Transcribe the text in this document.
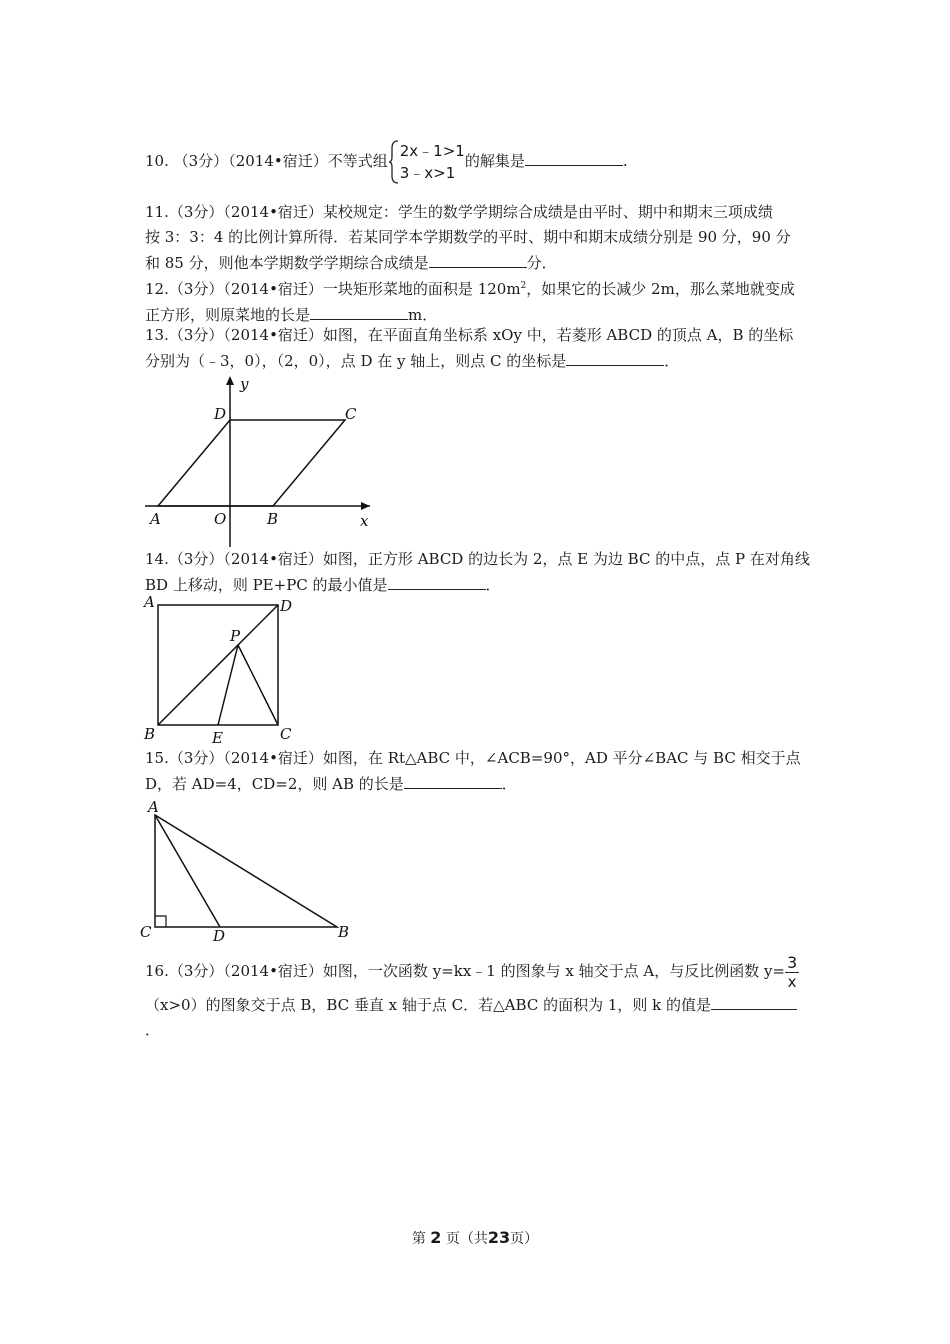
10. （3分）（2014•宿迁）不等式组
2x﹣1>1
3﹣x>1
的解集是	.
11.（3分）（2014•宿迁）某校规定：学生的数学学期综合成绩是由平时、期中和期末三项成绩
按 3：3：4 的比例计算所得．若某同学本学期数学的平时、期中和期末成绩分别是 90 分，90 分
和 85 分，则他本学期数学学期综合成绩是	分．
12.（3分）（2014•宿迁）一块矩形菜地的面积是 $120m^2$，如果它的长减少 2m，那么菜地就变成
正方形，则原菜地的长是	m．
13.（3分）（2014•宿迁）如图，在平面直角坐标系 xOy 中，若菱形 ABCD 的顶点 A，B 的坐标
分别为（﹣3，0），（2，0），点 D 在 y 轴上，则点 C 的坐标是	．
y
x
D	C
A	O	B
14.（3分）（2014•宿迁）如图，正方形 ABCD 的边长为 2，点 E 为边 BC 的中点，点 P 在对角线
BD 上移动，则 PE+PC 的最小值是	．
A	D
P
B	E	C
15.（3分）（2014•宿迁）如图，在 Rt△ABC 中，∠ACB=90°，AD 平分∠BAC 与 BC 相交于点
D，若 AD=4，CD=2，则 AB 的长是	．
A
C	D	B
16.（3分）（2014•宿迁）如图，一次函数 y=kx﹣1 的图象与 x 轴交于点 A，与反比例函数 $y= \frac{3}{x}$
（x>0）的图象交于点 B，BC 垂直 x 轴于点 C．若△ABC 的面积为 1，则 k 的值是
．
第 2 页（共23页）
